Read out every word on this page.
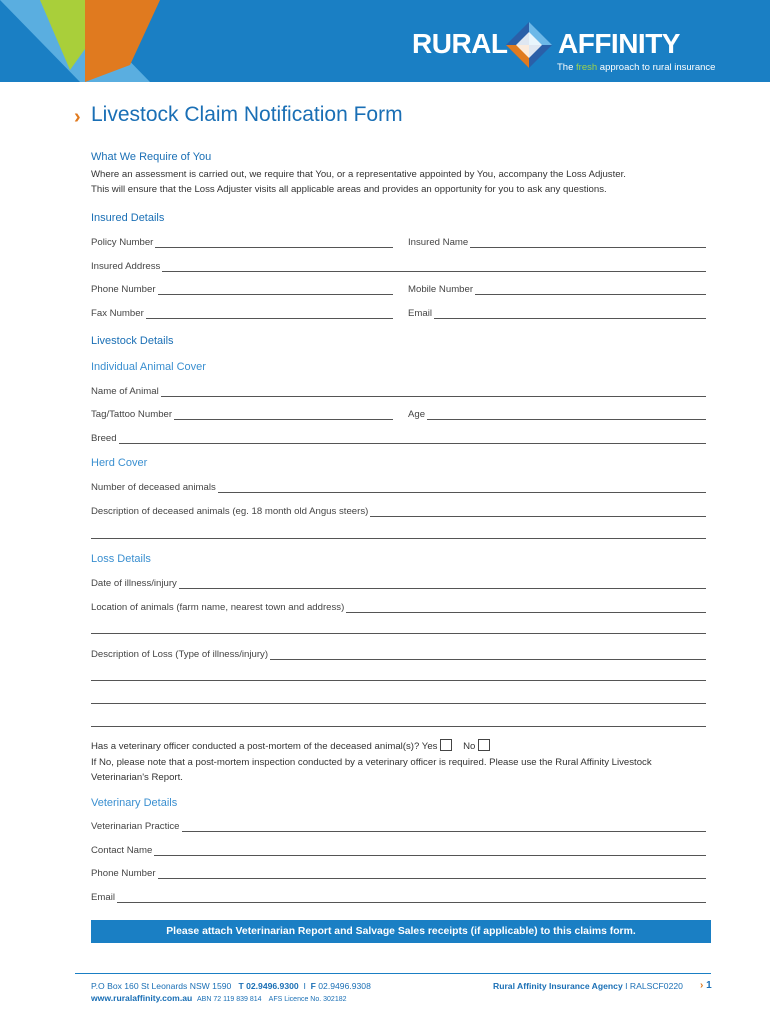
RURAL AFFINITY
The fresh approach to rural insurance
› Livestock Claim Notification Form
What We Require of You
Where an assessment is carried out, we require that You, or a representative appointed by You, accompany the Loss Adjuster.
This will ensure that the Loss Adjuster visits all applicable areas and provides an opportunity for you to ask any questions.
Insured Details
Policy Number	Insured Name
Insured Address
Phone Number	Mobile Number
Fax Number	Email
Livestock Details
Individual Animal Cover
Name of Animal
Tag/Tattoo Number	Age
Breed
Herd Cover
Number of deceased animals
Description of deceased animals (eg. 18 month old Angus steers)
Loss Details
Date of illness/injury
Location of animals (farm name, nearest town and address)
Description of Loss (Type of illness/injury)
Has a veterinary officer conducted a post-mortem of the deceased animal(s)? Yes	No
If No, please note that a post-mortem inspection conducted by a veterinary officer is required. Please use the Rural Affinity Livestock
Veterinarian's Report.
Veterinary Details
Veterinarian Practice
Contact Name
Phone Number
Email
Please attach Veterinarian Report and Salvage Sales receipts (if applicable) to this claims form.
P.O Box 160 St Leonards NSW 1590 T 02.9496.9300  I  F 02.9496.9308
www.ruralaffinity.com.au ABN 72 119 839 814 AFS Licence No. 302182
Rural Affinity Insurance Agency I RALSCF0220 › 1
